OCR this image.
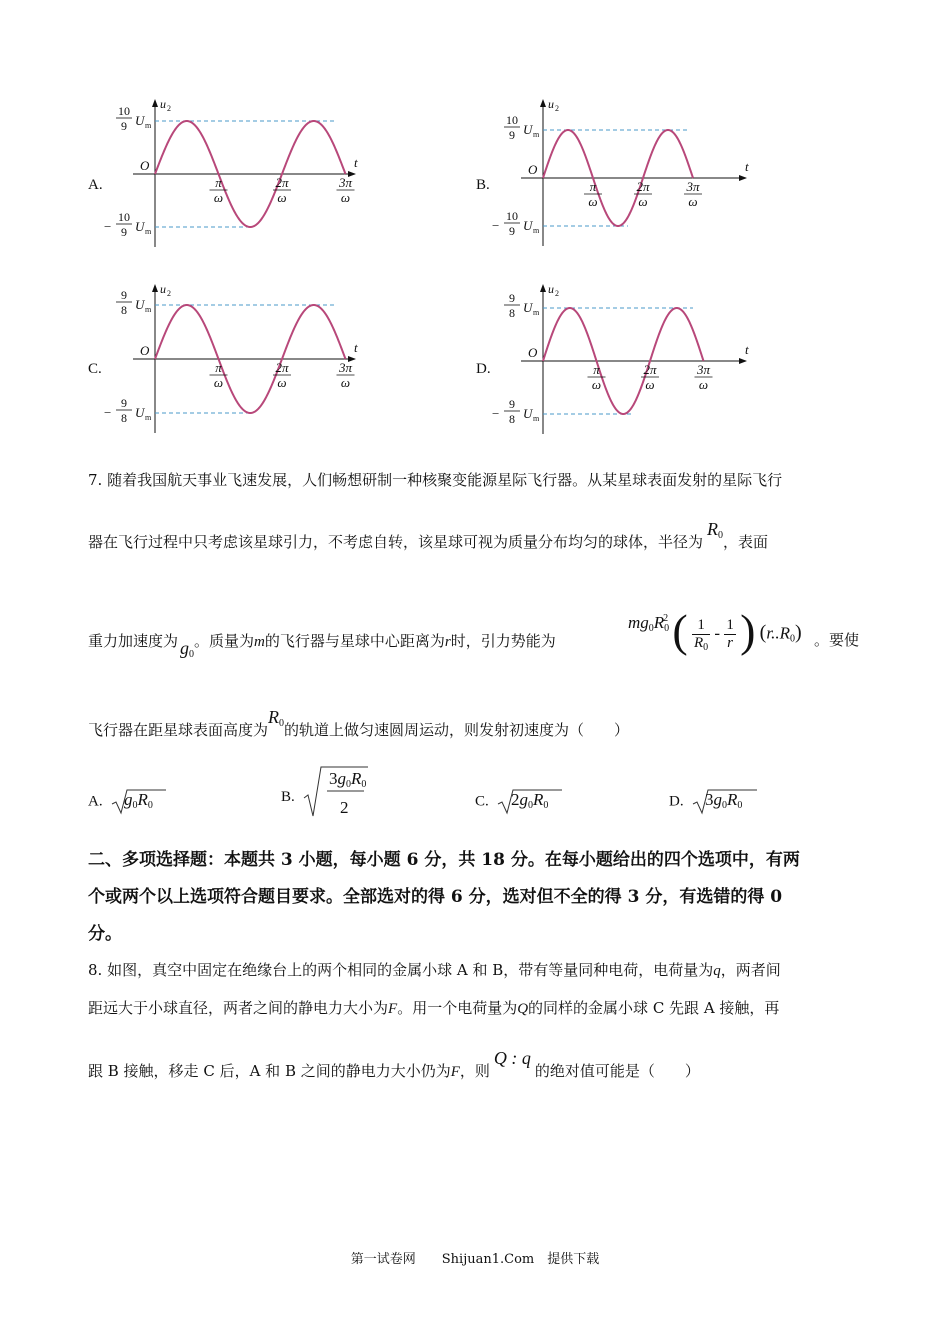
A.
u 2
t
O
10
9 U m
−
10
9 U m
π
ω
2π
ω
3π
ω
B.
u 2
t
O
10
9 U m
−
10
9 U m
π
ω
2π
ω
3π
ω
C.
u 2
t
O
9
8 U m
−
9
8 U m
π
ω
2π
ω
3π
ω
D.
u 2
t
O
9
8 U m
−
9
8 U m
π
ω
2π
ω
3π
ω
7. 随着我国航天事业飞速发展，人们畅想研制一种核聚变能源星际飞行器。从某星球表面发射的星际飞行
器在飞行过程中只考虑该星球引力，不考虑自转，该星球可视为质量分布均匀的球体，半径为$R_0$，表面
重力加速度为 $g_0$。质量为m的飞行器与星球中心距离为r时，引力势能为
$mg_0R_0^2$ ( $\frac{1}{R_0} - \frac{1}{r}$ ) $(r..R_0)$ 。要使
飞行器在距星球表面高度为$R_0$的轨道上做匀速圆周运动，则发射初速度为（　　）
A. $g_0R_0$
B.
$3g_0R_0$
2	C. $2g_0R_0$	D. $3g_0R_0$
二、多项选择题：本题共 3 小题，每小题 6 分，共 18 分。在每小题给出的四个选项中，有两
个或两个以上选项符合题目要求。全部选对的得 6 分，选对但不全的得 3 分，有选错的得 0
分。
8. 如图，真空中固定在绝缘台上的两个相同的金属小球 A 和 B，带有等量同种电荷，电荷量为q，两者间
距远大于小球直径，两者之间的静电力大小为F。用一个电荷量为Q的同样的金属小球 C 先跟 A 接触，再
跟 B 接触，移走 C 后，A 和 B 之间的静电力大小仍为F，则Q : q的绝对值可能是（　　）
第一试卷网　　Shijuan1.Com　提供下载
